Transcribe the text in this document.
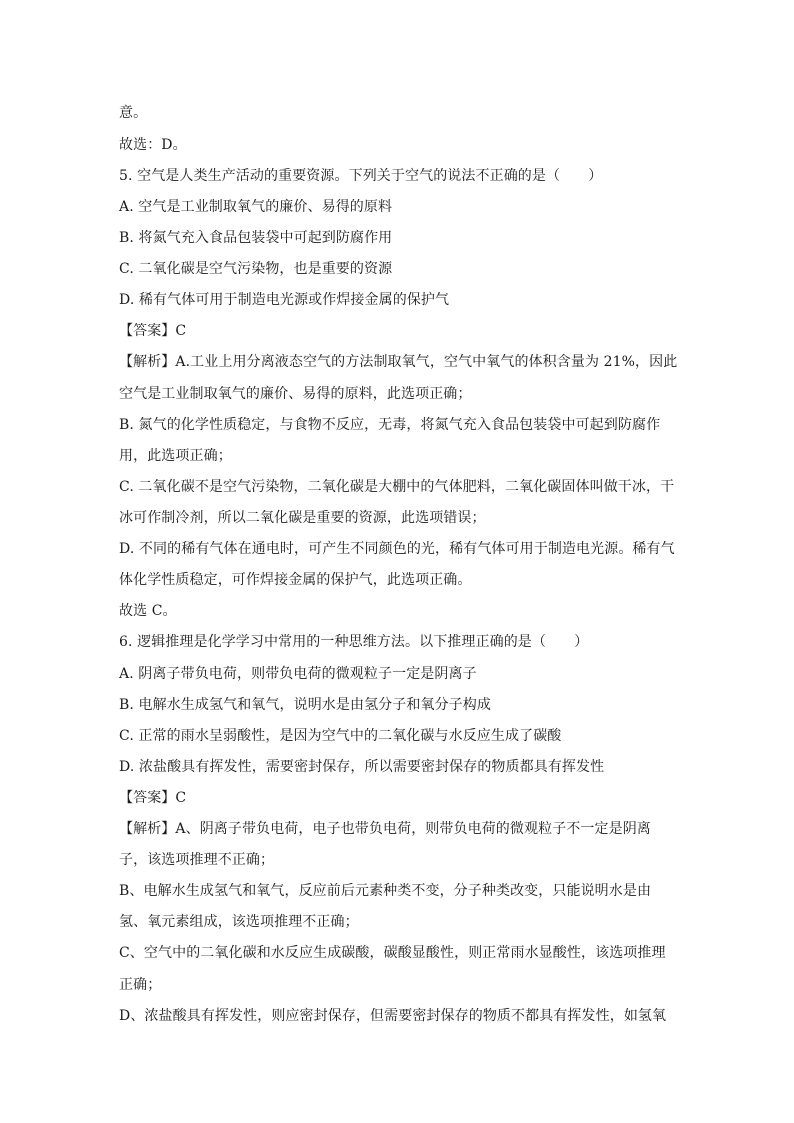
意。
故选：D。
5. 空气是人类生产活动的重要资源。下列关于空气的说法不正确的是（　　）
A. 空气是工业制取氧气的廉价、易得的原料
B. 将氮气充入食品包装袋中可起到防腐作用
C. 二氧化碳是空气污染物，也是重要的资源
D. 稀有气体可用于制造电光源或作焊接金属的保护气
【答案】C
【解析】A.工业上用分离液态空气的方法制取氧气，空气中氧气的体积含量为 21%，因此
空气是工业制取氧气的廉价、易得的原料，此选项正确；
B. 氮气的化学性质稳定，与食物不反应，无毒，将氮气充入食品包装袋中可起到防腐作
用，此选项正确；
C. 二氧化碳不是空气污染物，二氧化碳是大棚中的气体肥料，二氧化碳固体叫做干冰，干
冰可作制冷剂，所以二氧化碳是重要的资源，此选项错误；
D. 不同的稀有气体在通电时，可产生不同颜色的光，稀有气体可用于制造电光源。稀有气
体化学性质稳定，可作焊接金属的保护气，此选项正确。
故选 C。
6. 逻辑推理是化学学习中常用的一种思维方法。以下推理正确的是（　　）
A. 阴离子带负电荷，则带负电荷的微观粒子一定是阴离子
B. 电解水生成氢气和氧气，说明水是由氢分子和氧分子构成
C. 正常的雨水呈弱酸性，是因为空气中的二氧化碳与水反应生成了碳酸
D. 浓盐酸具有挥发性，需要密封保存，所以需要密封保存的物质都具有挥发性
【答案】C
【解析】A、阴离子带负电荷，电子也带负电荷，则带负电荷的微观粒子不一定是阴离
子，该选项推理不正确；
B、电解水生成氢气和氧气，反应前后元素种类不变，分子种类改变，只能说明水是由
氢、氧元素组成，该选项推理不正确；
C、空气中的二氧化碳和水反应生成碳酸，碳酸显酸性，则正常雨水显酸性，该选项推理
正确；
D、浓盐酸具有挥发性，则应密封保存，但需要密封保存的物质不都具有挥发性，如氢氧
